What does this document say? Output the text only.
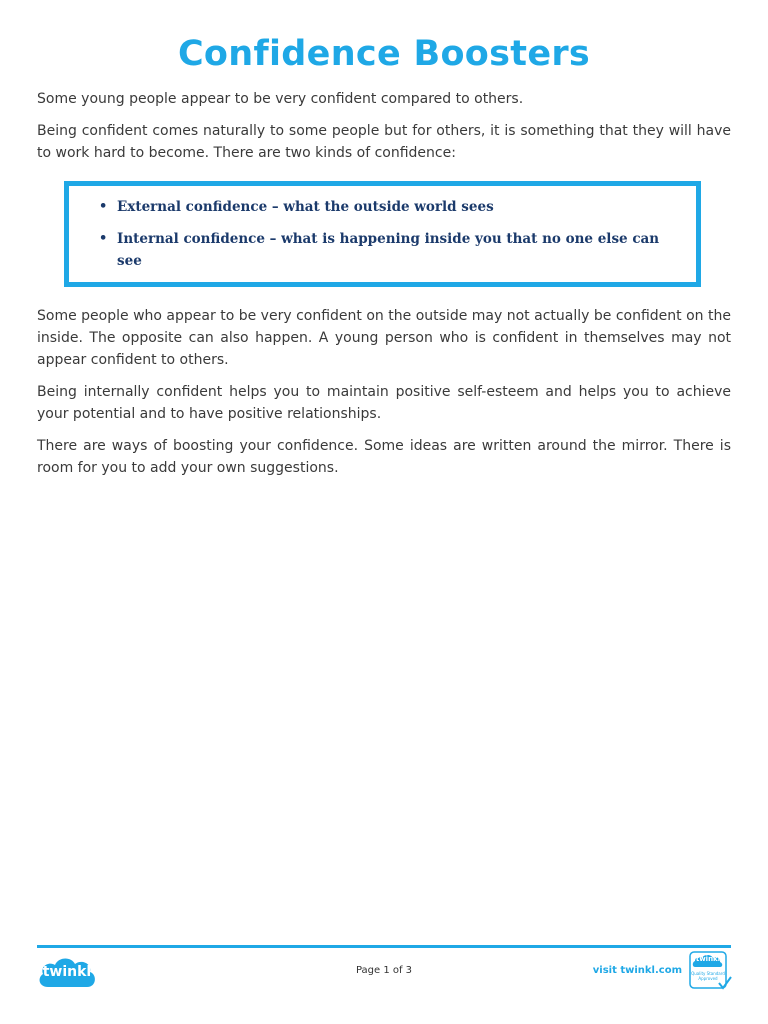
Confidence Boosters

Some young people appear to be very confident compared to others.

Being confident comes naturally to some people but for others, it is something that they will have to work hard to become. There are two kinds of confidence:

• External confidence – what the outside world sees
• Internal confidence – what is happening inside you that no one else can see

Some people who appear to be very confident on the outside may not actually be confident on the inside. The opposite can also happen. A young person who is confident in themselves may not appear confident to others.

Being internally confident helps you to maintain positive self-esteem and helps you to achieve your potential and to have positive relationships.

There are ways of boosting your confidence. Some ideas are written around the mirror. There is room for you to add your own suggestions.

twinkl	Page 1 of 3	visit twinkl.com
twinkl
Quality Standard Approved
